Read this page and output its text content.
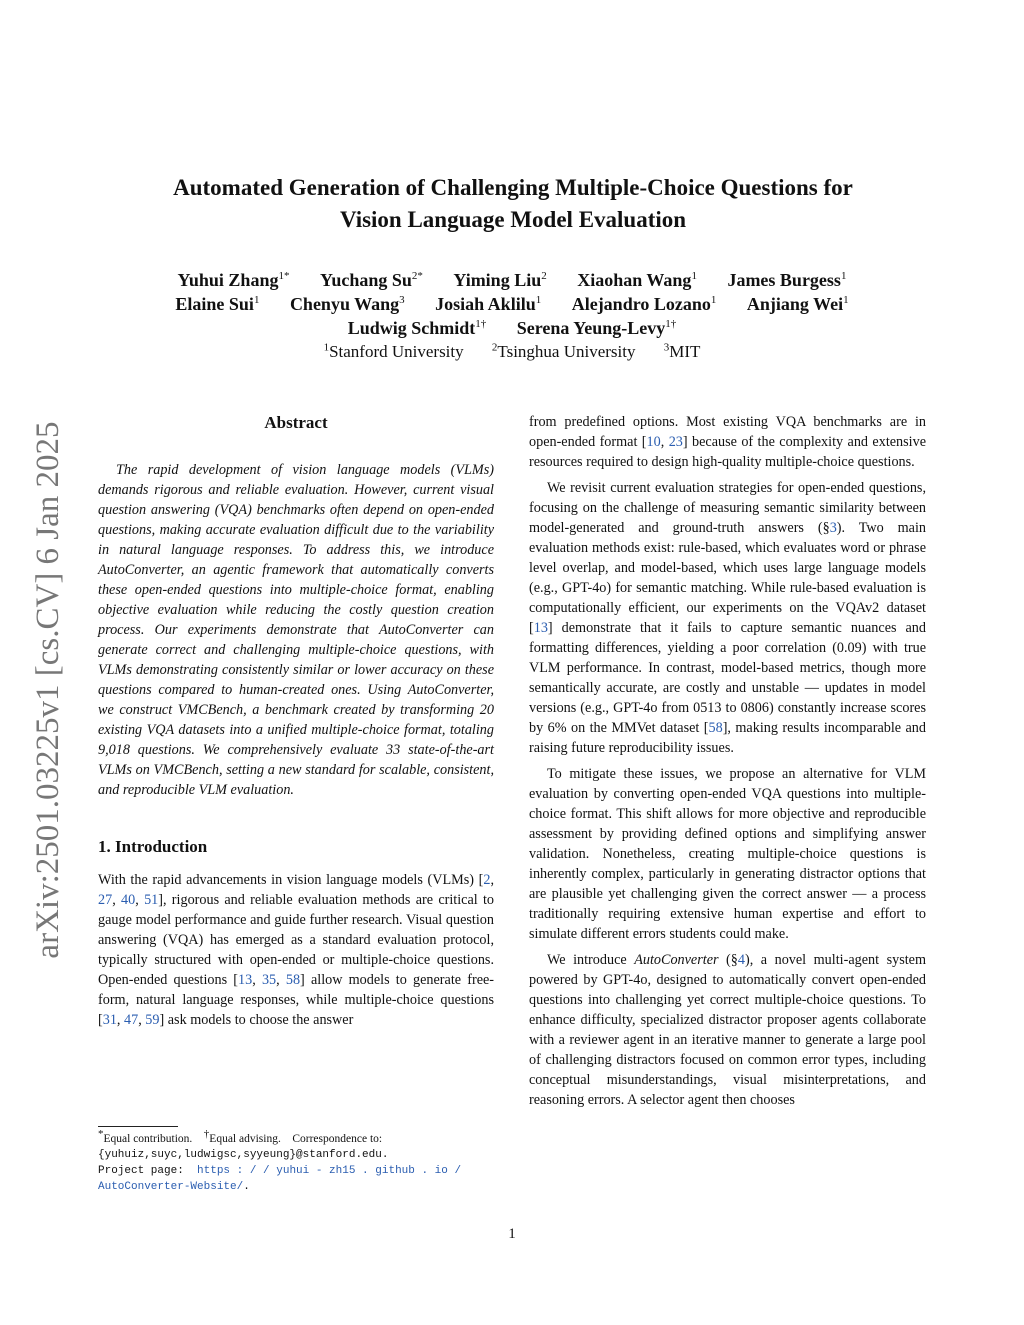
arXiv:2501.03225v1 [cs.CV] 6 Jan 2025
Automated Generation of Challenging Multiple-Choice Questions for
Vision Language Model Evaluation
Yuhui Zhang$^{1*}$ Yuchang $Su^{2*}$ Yiming Liu$^2$ Xiaohan Wang$^1$ James Burgess$^1$
Elaine Sui$^1$ Chenyu Wang$^3$ Josiah Aklilu$^1$ Alejandro Lozano$^1$ Anjiang Wei$^1$
Ludwig Schmidt$^{1\dagger}$ Serena Yeung-Levy$^{1\dagger}$
$^1$Stanford University	$^2$Tsinghua University	$^3$MIT
Abstract

The rapid development of vision language models (VLMs) demands rigorous and reliable evaluation. However, current visual question answering (VQA) benchmarks often depend on open-ended questions, making accurate evaluation difficult due to the variability in natural language responses. To address this, we introduce AutoConverter, an agentic framework that automatically converts these open-ended questions into multiple-choice format, enabling objective evaluation while reducing the costly question creation process. Our experiments demonstrate that AutoConverter can generate correct and challenging multiple-choice questions, with VLMs demonstrating consistently similar or lower accuracy on these questions compared to human-created ones. Using AutoConverter, we construct VMCBench, a benchmark created by transforming 20 existing VQA datasets into a unified multiple-choice format, totaling 9,018 questions. We comprehensively evaluate 33 state-of-the-art VLMs on VMCBench, setting a new standard for scalable, consistent, and reproducible VLM evaluation.

1. Introduction

With the rapid advancements in vision language models (VLMs) [2, 27, 40, 51], rigorous and reliable evaluation methods are critical to gauge model performance and guide further research. Visual question answering (VQA) has emerged as a standard evaluation protocol, typically structured with open-ended or multiple-choice questions. Open-ended questions [13, 35, 58] allow models to generate free-form, natural language responses, while multiple-choice questions [31, 47, 59] ask models to choose the answer

*Equal contribution. †Equal advising. Correspondence to:
{yuhuiz,suyc,ludwigsc,syyeung}@stanford.edu.
Project page: https : / / yuhui - zh15 . github . io /
AutoConverter-Website/.

from predefined options. Most existing VQA benchmarks are in open-ended format [10, 23] because of the complexity and extensive resources required to design high-quality multiple-choice questions.

We revisit current evaluation strategies for open-ended questions, focusing on the challenge of measuring semantic similarity between model-generated and ground-truth answers (§3). Two main evaluation methods exist: rule-based, which evaluates word or phrase level overlap, and model-based, which uses large language models (e.g., GPT-4o) for semantic matching. While rule-based evaluation is computationally efficient, our experiments on the VQAv2 dataset [13] demonstrate that it fails to capture semantic nuances and formatting differences, yielding a poor correlation (0.09) with true VLM performance. In contrast, model-based metrics, though more semantically accurate, are costly and unstable — updates in model versions (e.g., GPT-4o from 0513 to 0806) constantly increase scores by 6% on the MMVet dataset [58], making results incomparable and raising future reproducibility issues.

To mitigate these issues, we propose an alternative for VLM evaluation by converting open-ended VQA questions into multiple-choice format. This shift allows for more objective and reproducible assessment by providing defined options and simplifying answer validation. Nonetheless, creating multiple-choice questions is inherently complex, particularly in generating distractor options that are plausible yet challenging given the correct answer — a process traditionally requiring extensive human expertise and effort to simulate different errors students could make.

We introduce AutoConverter (§4), a novel multi-agent system powered by GPT-4o, designed to automatically convert open-ended questions into challenging yet correct multiple-choice questions. To enhance difficulty, specialized distractor proposer agents collaborate with a reviewer agent in an iterative manner to generate a large pool of challenging distractors focused on common error types, including conceptual misunderstandings, visual misinterpretations, and reasoning errors. A selector agent then chooses

1
